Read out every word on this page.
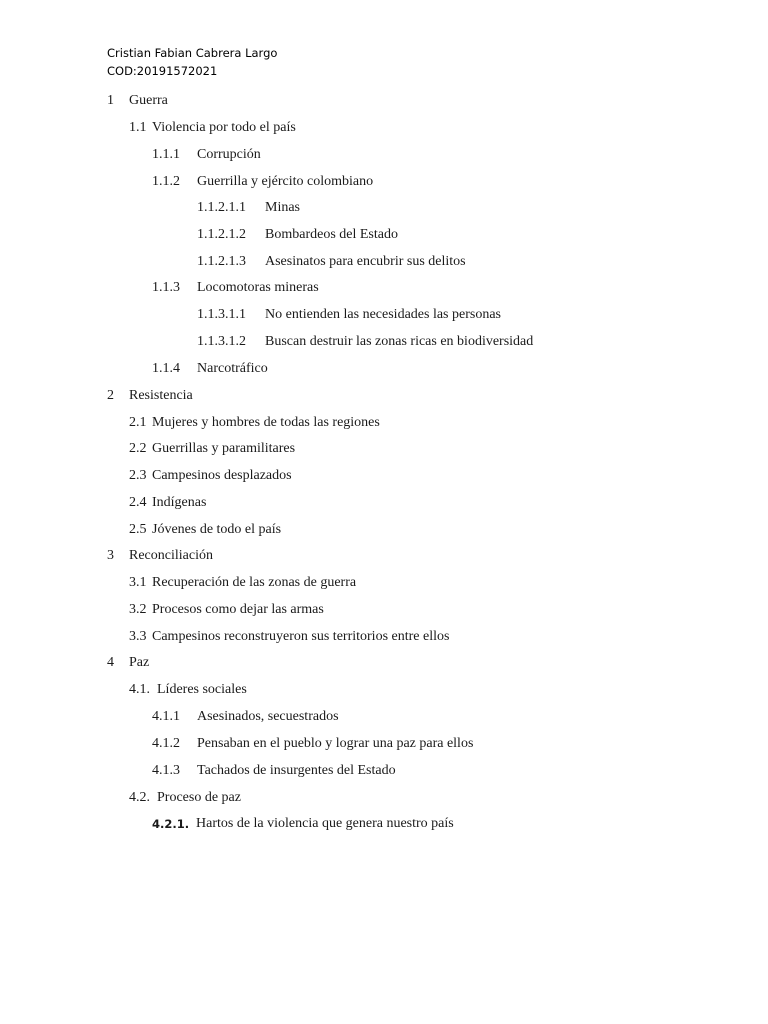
Cristian Fabian Cabrera Largo
COD:20191572021
1 Guerra
1.1 Violencia por todo el país
1.1.1 Corrupción
1.1.2 Guerrilla y ejército colombiano
1.1.2.1.1 Minas
1.1.2.1.2 Bombardeos del Estado
1.1.2.1.3 Asesinatos para encubrir sus delitos
1.1.3 Locomotoras mineras
1.1.3.1.1 No entienden las necesidades las personas
1.1.3.1.2 Buscan destruir las zonas ricas en biodiversidad
1.1.4 Narcotráfico
2 Resistencia
2.1 Mujeres y hombres de todas las regiones
2.2 Guerrillas y paramilitares
2.3 Campesinos desplazados
2.4 Indígenas
2.5 Jóvenes de todo el país
3 Reconciliación
3.1 Recuperación de las zonas de guerra
3.2 Procesos como dejar las armas
3.3 Campesinos reconstruyeron sus territorios entre ellos
4 Paz
4.1. Líderes sociales
4.1.1 Asesinados, secuestrados
4.1.2 Pensaban en el pueblo y lograr una paz para ellos
4.1.3 Tachados de insurgentes del Estado
4.2. Proceso de paz
4.2.1. Hartos de la violencia que genera nuestro país
